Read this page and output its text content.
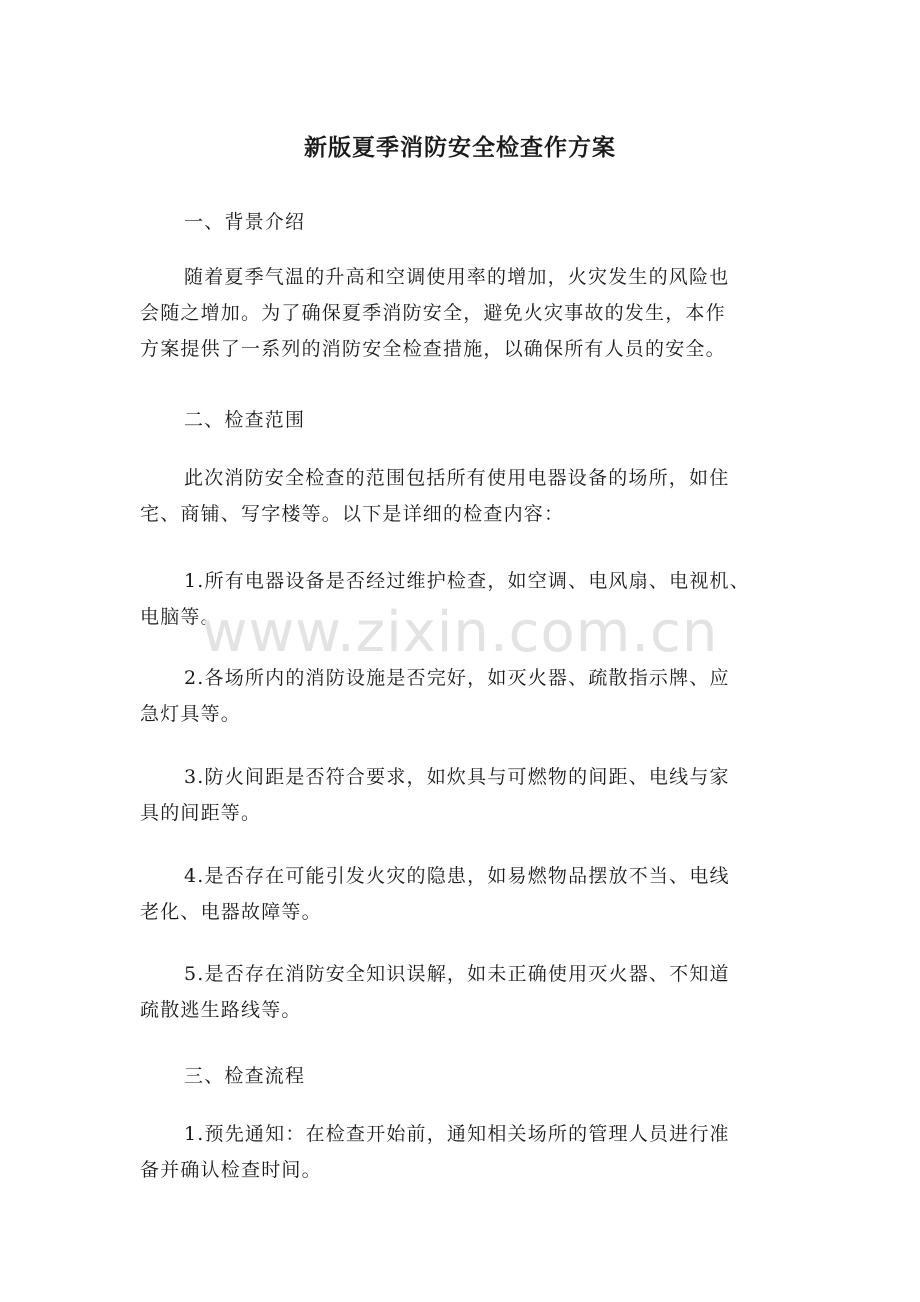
新版夏季消防安全检查作方案

一、背景介绍

随着夏季气温的升高和空调使用率的增加，火灾发生的风险也
会随之增加。为了确保夏季消防安全，避免火灾事故的发生，本作
方案提供了一系列的消防安全检查措施，以确保所有人员的安全。

二、检查范围

此次消防安全检查的范围包括所有使用电器设备的场所，如住
宅、商铺、写字楼等。以下是详细的检查内容：

1.所有电器设备是否经过维护检查，如空调、电风扇、电视机、
电脑等。

2.各场所内的消防设施是否完好，如灭火器、疏散指示牌、应
急灯具等。

3.防火间距是否符合要求，如炊具与可燃物的间距、电线与家
具的间距等。

4.是否存在可能引发火灾的隐患，如易燃物品摆放不当、电线
老化、电器故障等。

5.是否存在消防安全知识误解，如未正确使用灭火器、不知道
疏散逃生路线等。

三、检查流程

1.预先通知：在检查开始前，通知相关场所的管理人员进行准
备并确认检查时间。

www.zixin.com.cn
